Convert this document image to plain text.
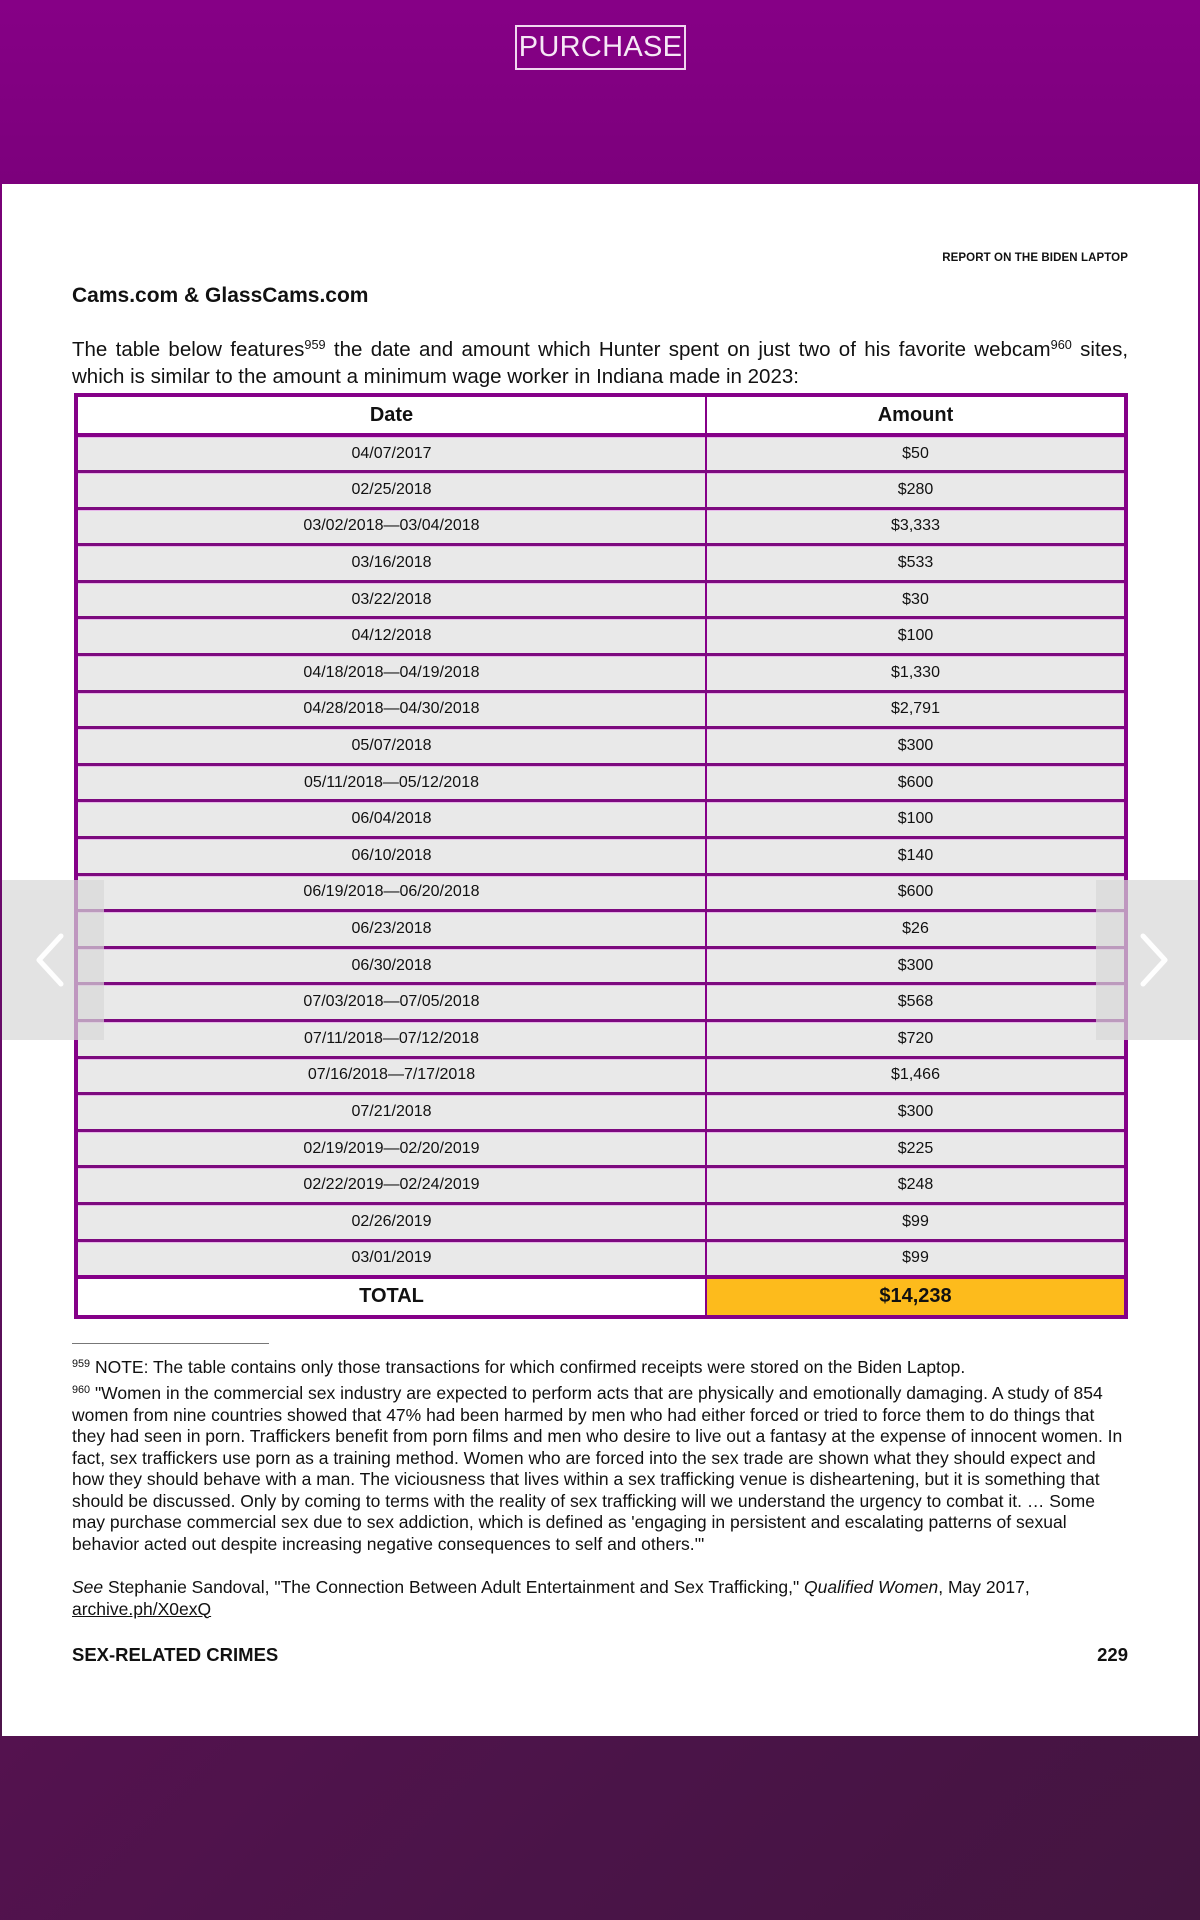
PURCHASE
REPORT ON THE BIDEN LAPTOP
Cams.com & GlassCams.com

The table below features$^{959}$ the date and amount which Hunter spent on just two of his favorite webcam$^{960}$ sites, which is similar to the amount a minimum wage worker in Indiana made in 2023:

Date	Amount
04/07/2017	$50
02/25/2018	$280
03/02/2018—03/04/2018	$3,333
03/16/2018	$533
03/22/2018	$30
04/12/2018	$100
04/18/2018—04/19/2018	$1,330
04/28/2018—04/30/2018	$2,791
05/07/2018	$300
05/11/2018—05/12/2018	$600
06/04/2018	$100
06/10/2018	$140
06/19/2018—06/20/2018	$600
06/23/2018	$26
06/30/2018	$300
07/03/2018—07/05/2018	$568
07/11/2018—07/12/2018	$720
07/16/2018—7/17/2018	$1,466
07/21/2018	$300
02/19/2019—02/20/2019	$225
02/22/2019—02/24/2019	$248
02/26/2019	$99
03/01/2019	$99
TOTAL	$14,238

$^{959}$ NOTE: The table contains only those transactions for which confirmed receipts were stored on the Biden Laptop.

$^{960}$ "Women in the commercial sex industry are expected to perform acts that are physically and emotionally damaging. A study of 854 women from nine countries showed that 47% had been harmed by men who had either forced or tried to force them to do things that they had seen in porn. Traffickers benefit from porn films and men who desire to live out a fantasy at the expense of innocent women. In fact, sex traffickers use porn as a training method. Women who are forced into the sex trade are shown what they should expect and how they should behave with a man. The viciousness that lives within a sex trafficking venue is disheartening, but it is something that should be discussed. Only by coming to terms with the reality of sex trafficking will we understand the urgency to combat it. … Some may purchase commercial sex due to sex addiction, which is defined as 'engaging in persistent and escalating patterns of sexual behavior acted out despite increasing negative consequences to self and others.'"

See Stephanie Sandoval, "The Connection Between Adult Entertainment and Sex Trafficking," Qualified Women, May 2017, archive.ph/X0exQ

SEX-RELATED CRIMES	229
